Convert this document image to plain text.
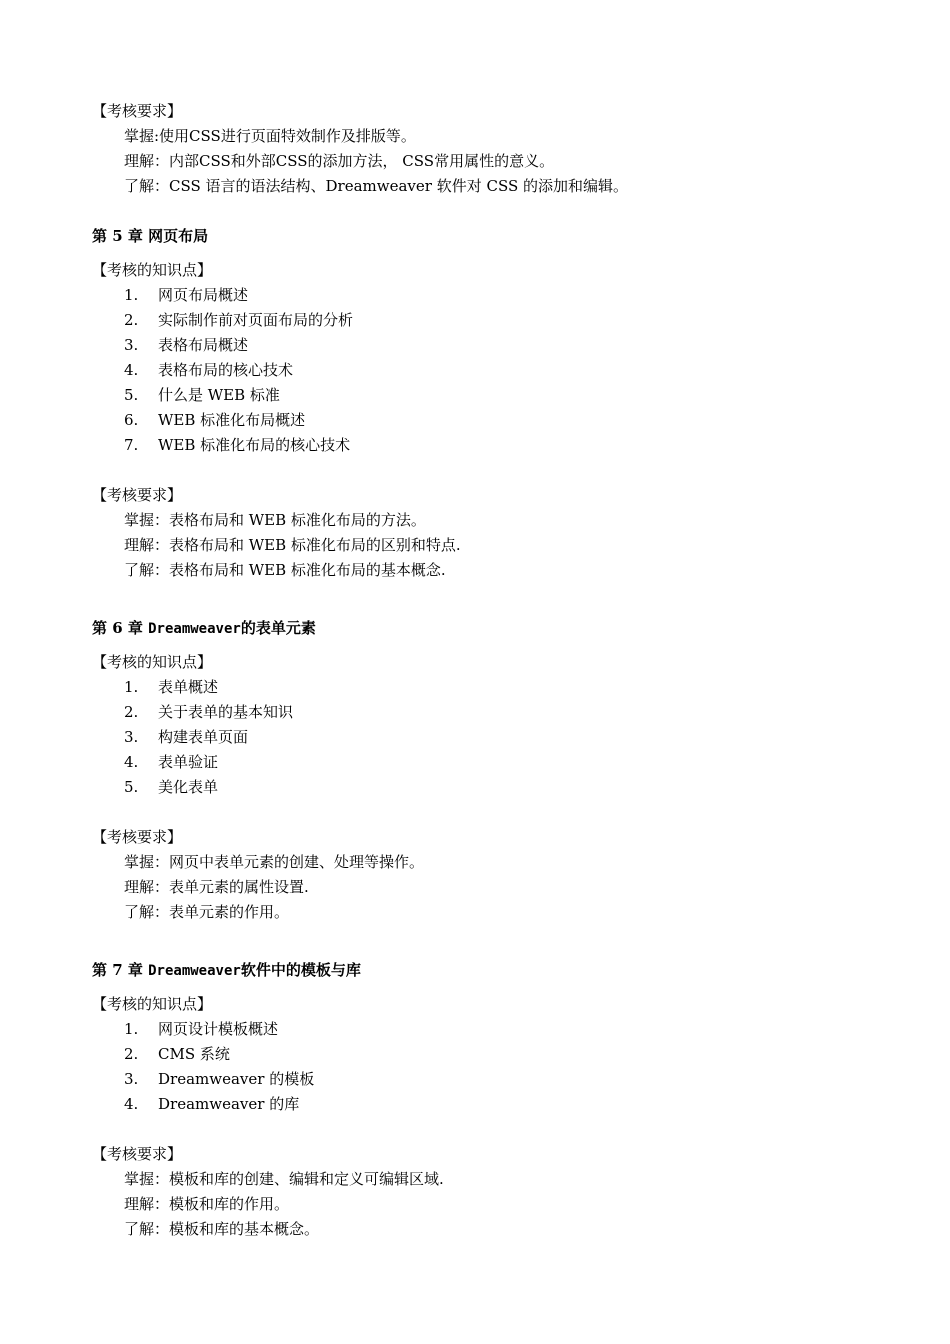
【考核要求】
掌握:使用CSS进行页面特效制作及排版等。
理解：内部CSS和外部CSS的添加方法， CSS常用属性的意义。
了解：CSS 语言的语法结构、Dreamweaver 软件对 CSS 的添加和编辑。
第 5 章 网页布局
【考核的知识点】
1. 网页布局概述
2. 实际制作前对页面布局的分析
3. 表格布局概述
4. 表格布局的核心技术
5. 什么是 WEB 标准
6. WEB 标准化布局概述
7. WEB 标准化布局的核心技术
【考核要求】
掌握：表格布局和 WEB 标准化布局的方法。
理解：表格布局和 WEB 标准化布局的区别和特点.
了解：表格布局和 WEB 标准化布局的基本概念.
第 6 章 Dreamweaver的表单元素
【考核的知识点】
1. 表单概述
2. 关于表单的基本知识
3. 构建表单页面
4. 表单验证
5. 美化表单
【考核要求】
掌握：网页中表单元素的创建、处理等操作。
理解：表单元素的属性设置.
了解：表单元素的作用。
第 7 章 Dreamweaver软件中的模板与库
【考核的知识点】
1. 网页设计模板概述
2. CMS 系统
3. Dreamweaver 的模板
4. Dreamweaver 的库
【考核要求】
掌握：模板和库的创建、编辑和定义可编辑区域.
理解：模板和库的作用。
了解：模板和库的基本概念。
